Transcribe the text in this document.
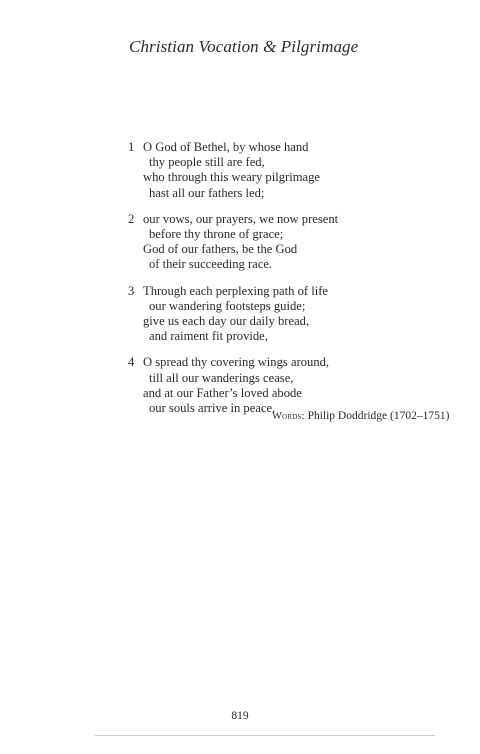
Christian Vocation & Pilgrimage
1 O God of Bethel, by whose hand
thy people still are fed,
who through this weary pilgrimage
hast all our fathers led;
2 our vows, our prayers, we now present
before thy throne of grace;
God of our fathers, be the God
of their succeeding race.
3 Through each perplexing path of life
our wandering footsteps guide;
give us each day our daily bread,
and raiment fit provide,
4 O spread thy covering wings around,
till all our wanderings cease,
and at our Father’s loved abode
our souls arrive in peace.
Words: Philip Doddridge (1702–1751)
819
